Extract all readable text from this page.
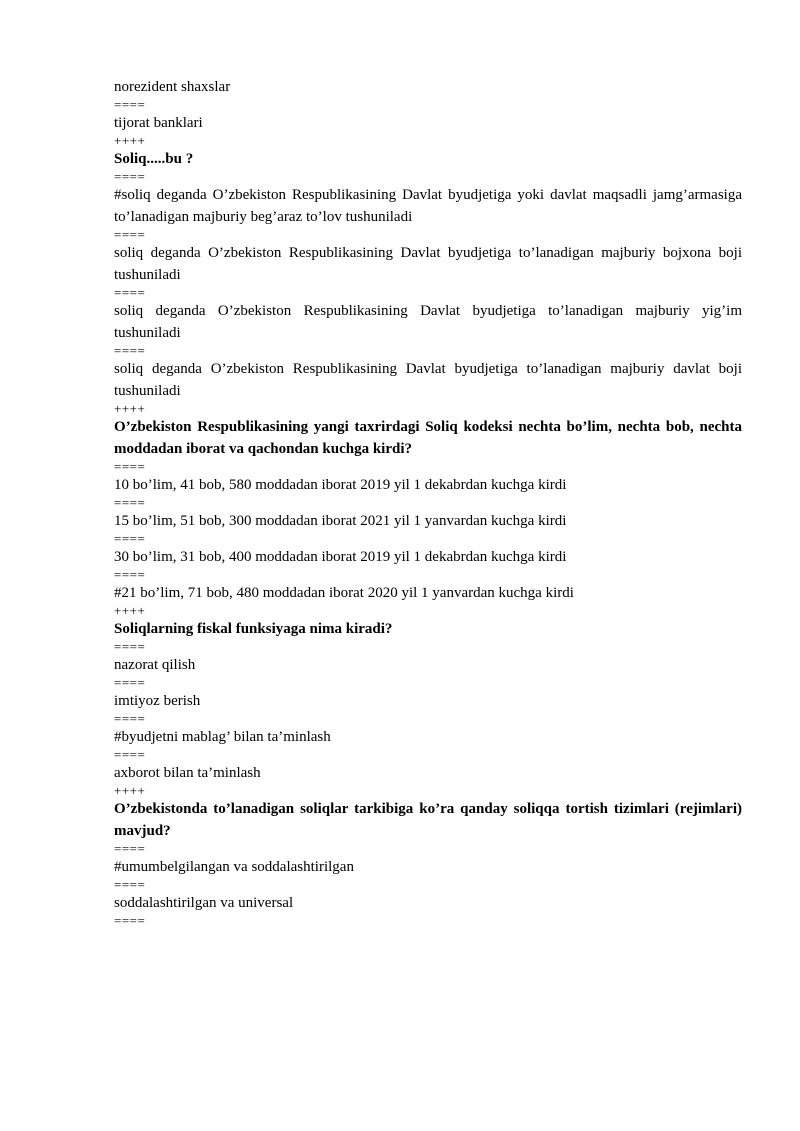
norezident shaxslar

====

tijorat banklari

++++

Soliq.....bu ?

====

#soliq deganda O’zbekiston Respublikasining Davlat byudjetiga yoki davlat maqsadli jamg’armasiga to’lanadigan majburiy beg’araz to’lov tushuniladi

====

soliq deganda O’zbekiston Respublikasining Davlat byudjetiga to’lanadigan majburiy bojxona boji tushuniladi

====

soliq deganda O’zbekiston Respublikasining Davlat byudjetiga to’lanadigan majburiy yig’im tushuniladi

====

soliq deganda O’zbekiston Respublikasining Davlat byudjetiga to’lanadigan majburiy davlat boji tushuniladi

++++

O’zbekiston Respublikasining yangi taxrirdagi Soliq kodeksi nechta bo’lim, nechta bob, nechta moddadan iborat va qachondan kuchga kirdi?

====

10 bo’lim, 41 bob, 580 moddadan iborat 2019 yil 1 dekabrdan kuchga kirdi

====

15 bo’lim, 51 bob, 300 moddadan iborat 2021 yil 1 yanvardan kuchga kirdi

====

30 bo’lim, 31 bob, 400 moddadan iborat 2019 yil 1 dekabrdan kuchga kirdi

====

#21 bo’lim, 71 bob, 480 moddadan iborat 2020 yil 1 yanvardan kuchga kirdi

++++

Soliqlarning fiskal funksiyaga nima kiradi?

====

nazorat qilish

====

imtiyoz berish

====

#byudjetni mablag’ bilan ta’minlash

====

axborot bilan ta’minlash

++++

O’zbekistonda to’lanadigan soliqlar tarkibiga ko’ra qanday soliqqa tortish tizimlari (rejimlari) mavjud?

====

#umumbelgilangan va soddalashtirilgan

====

soddalashtirilgan va universal

====
